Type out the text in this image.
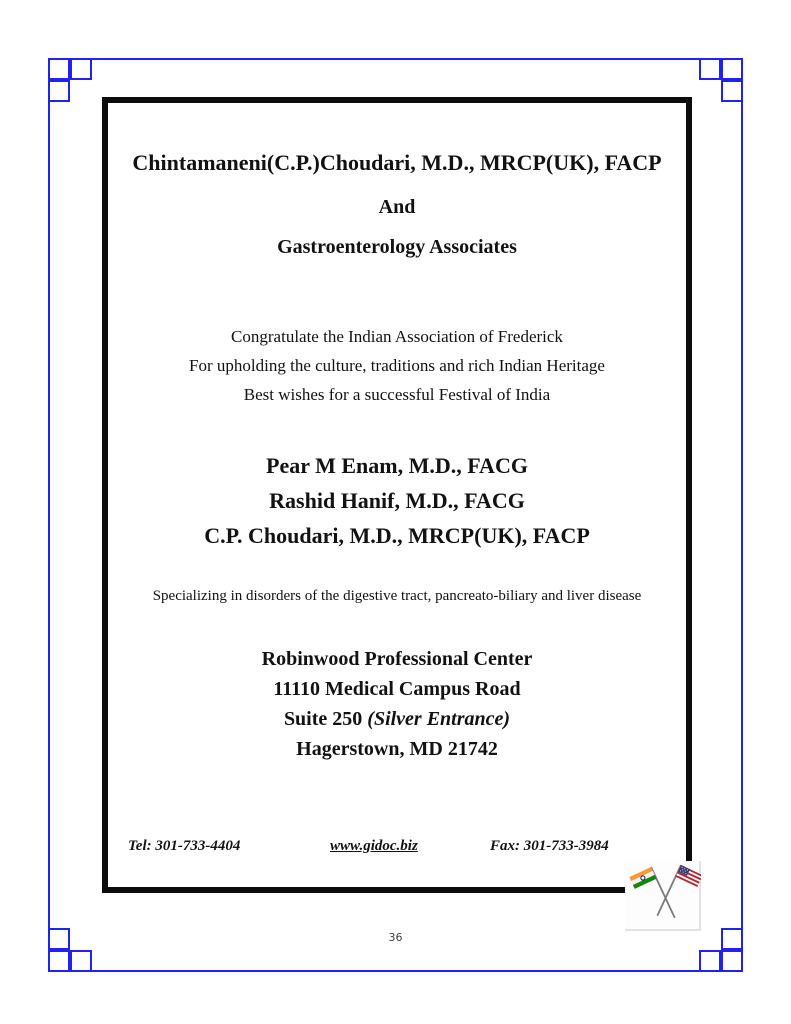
Chintamaneni(C.P.)Choudari, M.D., MRCP(UK), FACP
And
Gastroenterology Associates
Congratulate the Indian Association of Frederick
For upholding the culture, traditions and rich Indian Heritage
Best wishes for a successful Festival of India
Pear M Enam, M.D., FACG
Rashid Hanif, M.D., FACG
C.P. Choudari, M.D., MRCP(UK), FACP
Specializing in disorders of the digestive tract, pancreato-biliary and liver disease
Robinwood Professional Center
11110 Medical Campus Road
Suite 250 (Silver Entrance)
Hagerstown, MD 21742
Tel: 301-733-4404	www.gidoc.biz	Fax: 301-733-3984
36
